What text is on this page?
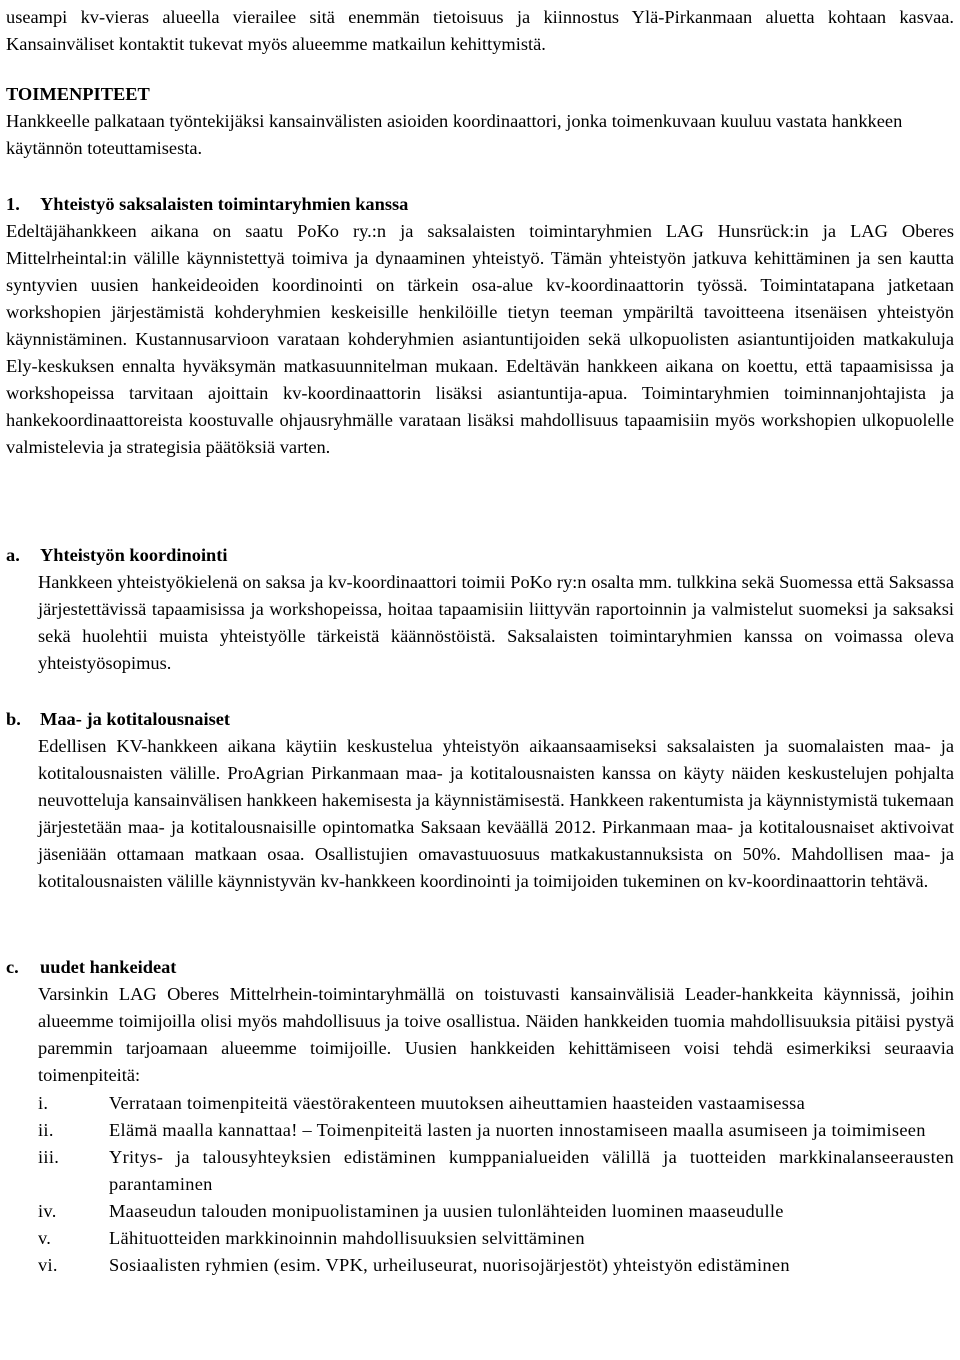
useampi kv-vieras alueella vierailee sitä enemmän tietoisuus ja kiinnostus Ylä-Pirkanmaan aluetta kohtaan kasvaa. Kansainväliset kontaktit tukevat myös alueemme matkailun kehittymistä.

TOIMENPITEET

Hankkeelle palkataan työntekijäksi kansainvälisten asioiden koordinaattori, jonka toimenkuvaan kuuluu vastata hankkeen käytännön toteuttamisesta.

1. Yhteistyö saksalaisten toimintaryhmien kanssa

Edeltäjähankkeen aikana on saatu PoKo ry.:n ja saksalaisten toimintaryhmien LAG Hunsrück:in ja LAG Oberes Mittelrheintal:in välille käynnistettyä toimiva ja dynaaminen yhteistyö. Tämän yhteistyön jatkuva kehittäminen ja sen kautta syntyvien uusien hankeideoiden koordinointi on tärkein osa-alue kv-koordinaattorin työssä. Toimintatapana jatketaan workshopien järjestämistä kohderyhmien keskeisille henkilöille tietyn teeman ympäriltä tavoitteena itsenäisen yhteistyön käynnistäminen. Kustannusarvioon varataan kohderyhmien asiantuntijoiden sekä ulkopuolisten asiantuntijoiden matkakuluja Ely-keskuksen ennalta hyväksymän matkasuunnitelman mukaan. Edeltävän hankkeen aikana on koettu, että tapaamisissa ja workshopeissa tarvitaan ajoittain kv-koordinaattorin lisäksi asiantuntija-apua. Toimintaryhmien toiminnanjohtajista ja hankekoordinaattoreista koostuvalle ohjausryhmälle varataan lisäksi mahdollisuus tapaamisiin myös workshopien ulkopuolelle valmistelevia ja strategisia päätöksiä varten.

a. Yhteistyön koordinointi

Hankkeen yhteistyökielenä on saksa ja kv-koordinaattori toimii PoKo ry:n osalta mm. tulkkina sekä Suomessa että Saksassa järjestettävissä tapaamisissa ja workshopeissa, hoitaa tapaamisiin liittyvän raportoinnin ja valmistelut suomeksi ja saksaksi sekä huolehtii muista yhteistyölle tärkeistä käännöstöistä. Saksalaisten toimintaryhmien kanssa on voimassa oleva yhteistyösopimus.

b. Maa- ja kotitalousnaiset

Edellisen KV-hankkeen aikana käytiin keskustelua yhteistyön aikaansaamiseksi saksalaisten ja suomalaisten maa- ja kotitalousnaisten välille. ProAgrian Pirkanmaan maa- ja kotitalousnaisten kanssa on käyty näiden keskustelujen pohjalta neuvotteluja kansainvälisen hankkeen hakemisesta ja käynnistämisestä. Hankkeen rakentumista ja käynnistymistä tukemaan järjestetään maa- ja kotitalousnaisille opintomatka Saksaan keväällä 2012. Pirkanmaan maa- ja kotitalousnaiset aktivoivat jäseniään ottamaan matkaan osaa. Osallistujien omavastuuosuus matkakustannuksista on 50%. Mahdollisen maa- ja kotitalousnaisten välille käynnistyvän kv-hankkeen koordinointi ja toimijoiden tukeminen on kv-koordinaattorin tehtävä.

c. uudet hankeideat

Varsinkin LAG Oberes Mittelrhein-toimintaryhmällä on toistuvasti kansainvälisiä Leader-hankkeita käynnissä, joihin alueemme toimijoilla olisi myös mahdollisuus ja toive osallistua. Näiden hankkeiden tuomia mahdollisuuksia pitäisi pystyä paremmin tarjoamaan alueemme toimijoille. Uusien hankkeiden kehittämiseen voisi tehdä esimerkiksi seuraavia toimenpiteitä:

i.	Verrataan toimenpiteitä väestörakenteen muutoksen aiheuttamien haasteiden vastaamisessa
ii.	Elämä maalla kannattaa! – Toimenpiteitä lasten ja nuorten innostamiseen maalla asumiseen ja toimimiseen
iii.	Yritys- ja talousyhteyksien edistäminen kumppanialueiden välillä ja tuotteiden markkinalanseerausten parantaminen
iv.	Maaseudun talouden monipuolistaminen ja uusien tulonlähteiden luominen maaseudulle
v.	Lähituotteiden markkinoinnin mahdollisuuksien selvittäminen
vi.	Sosiaalisten ryhmien (esim. VPK, urheiluseurat, nuorisojärjestöt) yhteistyön edistäminen
